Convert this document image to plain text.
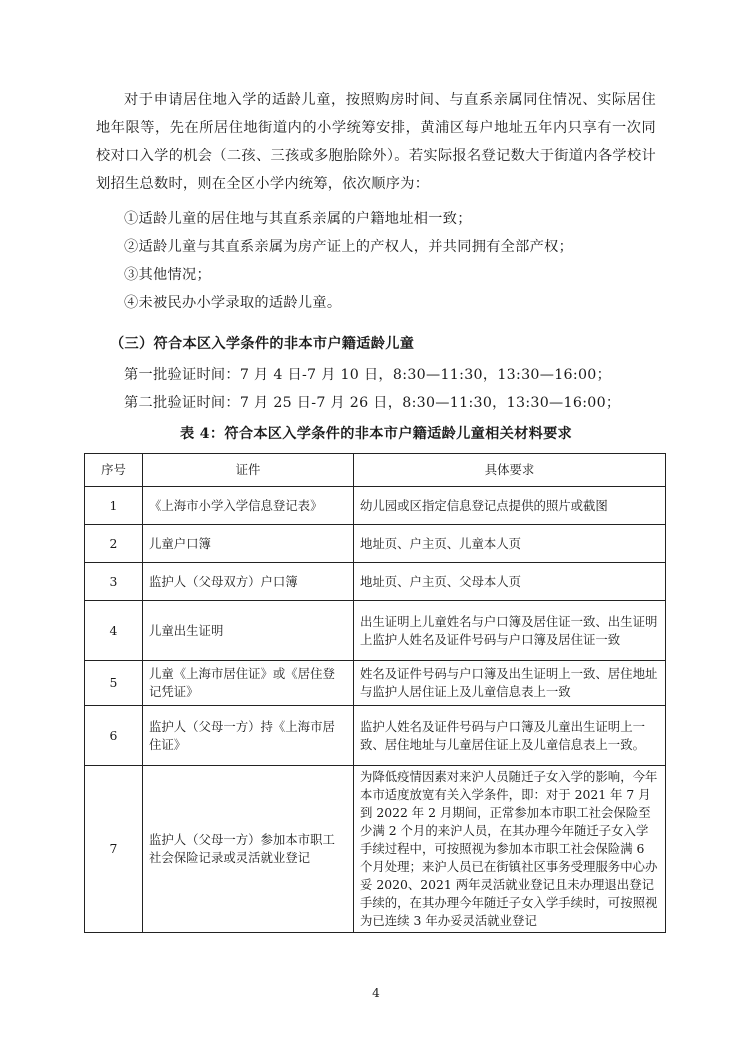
对于申请居住地入学的适龄儿童，按照购房时间、与直系亲属同住情况、实际居住地年限等，先在所居住地街道内的小学统筹安排，黄浦区每户地址五年内只享有一次同校对口入学的机会（二孩、三孩或多胞胎除外）。若实际报名登记数大于街道内各学校计划招生总数时，则在全区小学内统筹，依次顺序为：
①适龄儿童的居住地与其直系亲属的户籍地址相一致；
②适龄儿童与其直系亲属为房产证上的产权人，并共同拥有全部产权；
③其他情况；
④未被民办小学录取的适龄儿童。
（三）符合本区入学条件的非本市户籍适龄儿童
第一批验证时间：7 月 4 日-7 月 10 日，8:30—11:30，13:30—16:00；
第二批验证时间：7 月 25 日-7 月 26 日，8:30—11:30，13:30—16:00；
表 4：符合本区入学条件的非本市户籍适龄儿童相关材料要求
序号	证件	具体要求
1	《上海市小学入学信息登记表》	幼儿园或区指定信息登记点提供的照片或截图
2	儿童户口簿	地址页、户主页、儿童本人页
3	监护人（父母双方）户口簿	地址页、户主页、父母本人页
4	儿童出生证明	出生证明上儿童姓名与户口簿及居住证一致、出生证明上监护人姓名及证件号码与户口簿及居住证一致
5	儿童《上海市居住证》或《居住登记凭证》	姓名及证件号码与户口簿及出生证明上一致、居住地址与监护人居住证上及儿童信息表上一致
6	监护人（父母一方）持《上海市居住证》	监护人姓名及证件号码与户口簿及儿童出生证明上一致、居住地址与儿童居住证上及儿童信息表上一致。
7	监护人（父母一方）参加本市职工社会保险记录或灵活就业登记	为降低疫情因素对来沪人员随迁子女入学的影响，今年本市适度放宽有关入学条件，即：对于 2021 年 7 月到 2022 年 2 月期间，正常参加本市职工社会保险至少满 2 个月的来沪人员，在其办理今年随迁子女入学手续过程中，可按照视为参加本市职工社会保险满 6 个月处理；来沪人员已在街镇社区事务受理服务中心办妥 2020、2021 两年灵活就业登记且未办理退出登记手续的，在其办理今年随迁子女入学手续时，可按照视为已连续 3 年办妥灵活就业登记
4
